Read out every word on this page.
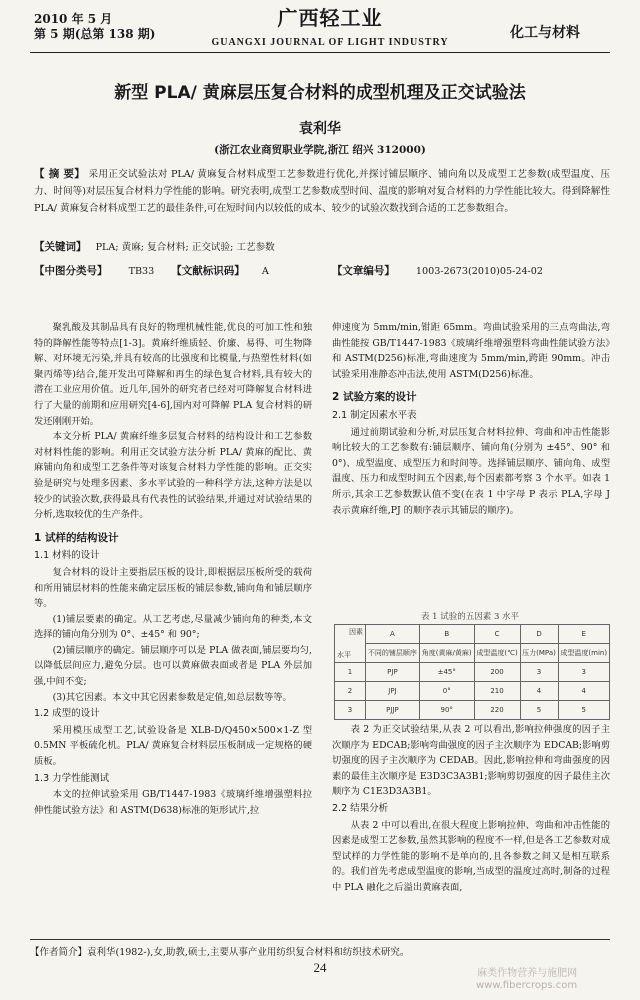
2010 年 5 月
第 5 期(总第 138 期)
广西轻工业
GUANGXI JOURNAL OF LIGHT INDUSTRY
化工与材料
新型 PLA/ 黄麻层压复合材料的成型机理及正交试验法
袁利华
(浙江农业商贸职业学院,浙江 绍兴 312000)
【 摘 要】 采用正交试验法对 PLA/ 黄麻复合材料成型工艺参数进行优化,并探讨铺层顺序、铺向角以及成型工艺参数(成型温度、压力、时间等)对层压复合材料力学性能的影响。研究表明,成型工艺参数成型时间、温度的影响对复合材料的力学性能比较大。得到降解性 PLA/ 黄麻复合材料成型工艺的最佳条件,可在短时间内以较低的成本、较少的试验次数找到合适的工艺参数组合。
【关键词】 PLA; 黄麻; 复合材料; 正交试验; 工艺参数
【中图分类号】 TB33 【文献标识码】 A	【文章编号】 1003-2673(2010)05-24-02

聚乳酸及其制品具有良好的物理机械性能,优良的可加工性和独特的降解性能等特点[1-3]。黄麻纤维质轻、价廉、易得、可生物降解、对环境无污染,并具有较高的比强度和比模量,与热塑性材料(如聚丙烯等)结合,能开发出可降解和再生的绿色复合材料,具有较大的潜在工业应用价值。近几年,国外的研究者已经对可降解复合材料进行了大量的前期和应用研究[4-6],国内对可降解 PLA 复合材料的研发还刚刚开始。

本文分析 PLA/ 黄麻纤维多层复合材料的结构设计和工艺参数对材料性能的影响。利用正交试验方法分析 PLA/ 黄麻的配比、黄麻铺向角和成型工艺条件等对该复合材料力学性能的影响。正交实验是研究与处理多因素、多水平试验的一种科学方法,这种方法是以较少的试验次数,获得最具有代表性的试验结果,并通过对试验结果的分析,选取较优的生产条件。

1 试样的结构设计
1.1 材料的设计

复合材料的设计主要指层压板的设计,即根据层压板所受的载荷和所用铺层材料的性能来确定层压板的铺层参数,铺向角和铺层顺序等。

(1)铺层要素的确定。从工艺考虑,尽量减少铺向角的种类,本文选择的铺向角分别为 0°、±45° 和 90°;

(2)铺层顺序的确定。铺层顺序可以是 PLA 做表面,铺层要均匀,以降低层间应力,避免分层。也可以黄麻做表面或者是 PLA 外层加强,中间不变;

(3)其它因素。本文中其它因素参数是定值,如总层数等等。

1.2 成型的设计

采用模压成型工艺,试验设备是 XLB-D/Q450×500×1-Z 型 0.5MN 平板硫化机。PLA/ 黄麻复合材料层压板制成一定规格的硬质板。

1.3 力学性能测试

本文的拉伸试验采用 GB/T1447-1983《玻璃纤维增强塑料拉伸性能试验方法》和 ASTM(D638)标准的矩形试片,拉

伸速度为 5mm/min,钳距 65mm。弯曲试验采用的三点弯曲法,弯曲性能按 GB/T1447-1983《玻璃纤维增强塑料弯曲性能试验方法》和 ASTM(D256)标准,弯曲速度为 5mm/min,跨距 90mm。冲击试验采用准静态冲击法,使用 ASTM(D256)标准。

2 试验方案的设计
2.1 制定因素水平表

通过前期试验和分析,对层压复合材料拉伸、弯曲和冲击性能影响比较大的工艺参数有:铺层顺序、铺向角(分别为 ±45°、90° 和 0°)、成型温度、成型压力和时间等。选择铺层顺序、铺向角、成型温度、压力和成型时间五个因素,每个因素都考察 3 个水平。如表 1 所示,其余工艺参数默认值不变(在表 1 中字母 P 表示 PLA,字母 J 表示黄麻纤维,PJ 的顺序表示其铺层的顺序)。

表 1 试验的五因素 3 水平
因素
水平	A	B	C	D	E
	不同的铺层顺序	角度(黄麻/黄麻)	成型温度(℃)	压力(MPa)	成型温度(min)
1	PJP	±45°	200	3	3
2	JPJ	0°	210	4	4
3	PJJP	90°	220	5	5

表 2 为正交试验结果,从表 2 可以看出,影响拉伸强度的因子主次顺序为 EDCAB;影响弯曲强度的因子主次顺序为 EDCAB;影响剪切强度的因子主次顺序为 CEDAB。因此,影响拉伸和弯曲强度的因素的最佳主次顺序是 E3D3C3A3B1;影响剪切强度的因子最佳主次顺序为 C1E3D3A3B1。

2.2 结果分析

从表 2 中可以看出,在很大程度上影响拉伸、弯曲和冲击性能的因素是成型工艺参数,虽然其影响的程度不一样,但是各工艺参数对成型试样的力学性能的影响不是单向的,且各参数之间又是相互联系的。我们首先考虑成型温度的影响,当成型的温度过高时,制备的过程中 PLA 融化之后溢出黄麻表面,

【作者简介】袁利华(1982-),女,助教,硕士,主要从事产业用纺织复合材料和纺织技术研究。
24	麻类作物营养与施肥网
www.fibercrops.com
